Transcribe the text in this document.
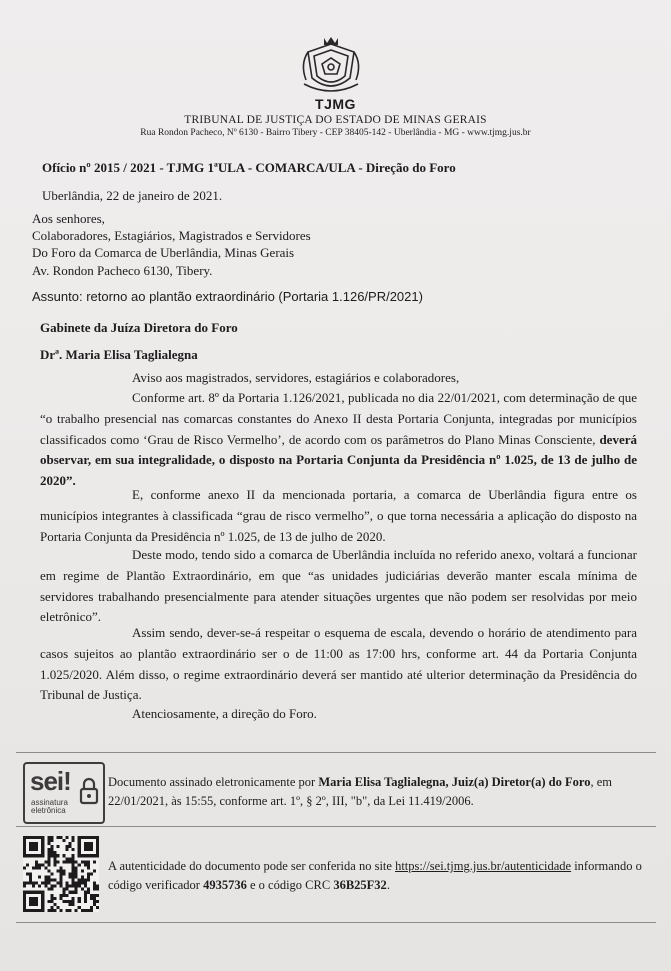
TJMG
TRIBUNAL DE JUSTIÇA DO ESTADO DE MINAS GERAIS
Rua Rondon Pacheco, Nº 6130 - Bairro Tibery - CEP 38405-142 - Uberlândia - MG - www.tjmg.jus.br
Ofício nº 2015 / 2021 - TJMG 1ªULA - COMARCA/ULA - Direção do Foro
Uberlândia, 22 de janeiro de 2021.
Aos senhores,
Colaboradores, Estagiários, Magistrados e Servidores
Do Foro da Comarca de Uberlândia, Minas Gerais
Av. Rondon Pacheco 6130, Tibery.
Assunto: retorno ao plantão extraordinário (Portaria 1.126/PR/2021)
Gabinete da Juíza Diretora do Foro
Drª. Maria Elisa Taglialegna
Aviso aos magistrados, servidores, estagiários e colaboradores,
Conforme art. 8º da Portaria 1.126/2021, publicada no dia 22/01/2021, com determinação de que “o trabalho presencial nas comarcas constantes do Anexo II desta Portaria Conjunta, integradas por municípios classificados como ‘Grau de Risco Vermelho’, de acordo com os parâmetros do Plano Minas Consciente, deverá observar, em sua integralidade, o disposto na Portaria Conjunta da Presidência nº 1.025, de 13 de julho de 2020”.
E, conforme anexo II da mencionada portaria, a comarca de Uberlândia figura entre os municípios integrantes à classificada “grau de risco vermelho”, o que torna necessária a aplicação do disposto na Portaria Conjunta da Presidência nº 1.025, de 13 de julho de 2020.
Deste modo, tendo sido a comarca de Uberlândia incluída no referido anexo, voltará a funcionar em regime de Plantão Extraordinário, em que “as unidades judiciárias deverão manter escala mínima de servidores trabalhando presencialmente para atender situações urgentes que não podem ser resolvidas por meio eletrônico”.
Assim sendo, dever-se-á respeitar o esquema de escala, devendo o horário de atendimento para casos sujeitos ao plantão extraordinário ser o de 11:00 as 17:00 hrs, conforme art. 44 da Portaria Conjunta 1.025/2020. Além disso, o regime extraordinário deverá ser mantido até ulterior determinação da Presidência do Tribunal de Justiça.
Atenciosamente, a direção do Foro.
sei!
assinatura
eletrônica
Documento assinado eletronicamente por Maria Elisa Taglialegna, Juiz(a) Diretor(a) do Foro, em 22/01/2021, às 15:55, conforme art. 1º, § 2º, III, "b", da Lei 11.419/2006.
A autenticidade do documento pode ser conferida no site https://sei.tjmg.jus.br/autenticidade informando o código verificador 4935736 e o código CRC 36B25F32.
